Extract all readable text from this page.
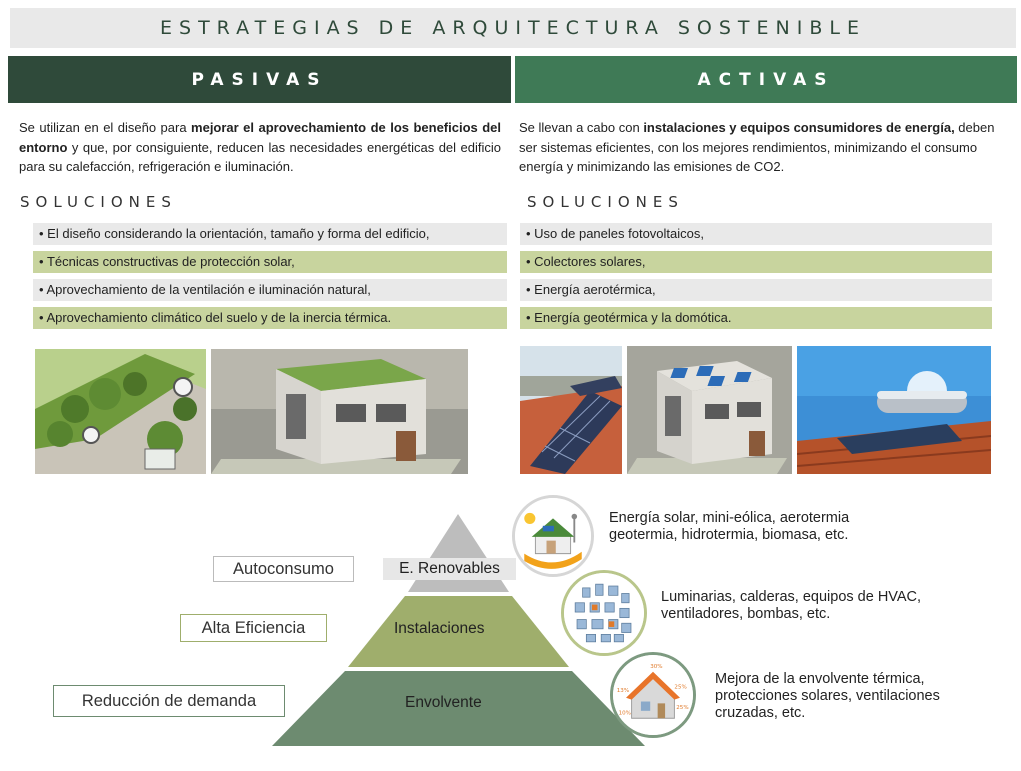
ESTRATEGIAS DE ARQUITECTURA SOSTENIBLE
PASIVAS	ACTIVAS

Se utilizan en el diseño para mejorar el aprovechamiento de los beneficios del entorno y que, por consiguiente, reducen las necesidades energéticas del edificio para su calefacción, refrigeración e iluminación.

Se llevan a cabo con instalaciones y equipos consumidores de energía, deben ser sistemas eficientes, con los mejores rendimientos, minimizando el consumo energía y minimizando las emisiones de CO2.

SOLUCIONES	SOLUCIONES
• El diseño considerando la orientación, tamaño y forma del edificio,
• Técnicas constructivas de protección solar,
• Aprovechamiento de la ventilación e iluminación natural,
• Aprovechamiento climático del suelo y de la inercia térmica.
• Uso de paneles fotovoltaicos,
• Colectores solares,
• Energía aerotérmica,
• Energía geotérmica y la domótica.
Autoconsumo
Alta Eficiencia
Reducción de demanda
E. Renovables
Instalaciones
Envolvente
30%
25%
25%
13%
10%
Energía solar, mini-eólica, aerotermia
geotermia, hidrotermia, biomasa, etc.
Luminarias, calderas, equipos de HVAC,
ventiladores, bombas, etc.
Mejora de la envolvente térmica,
protecciones solares, ventilaciones
cruzadas, etc.
